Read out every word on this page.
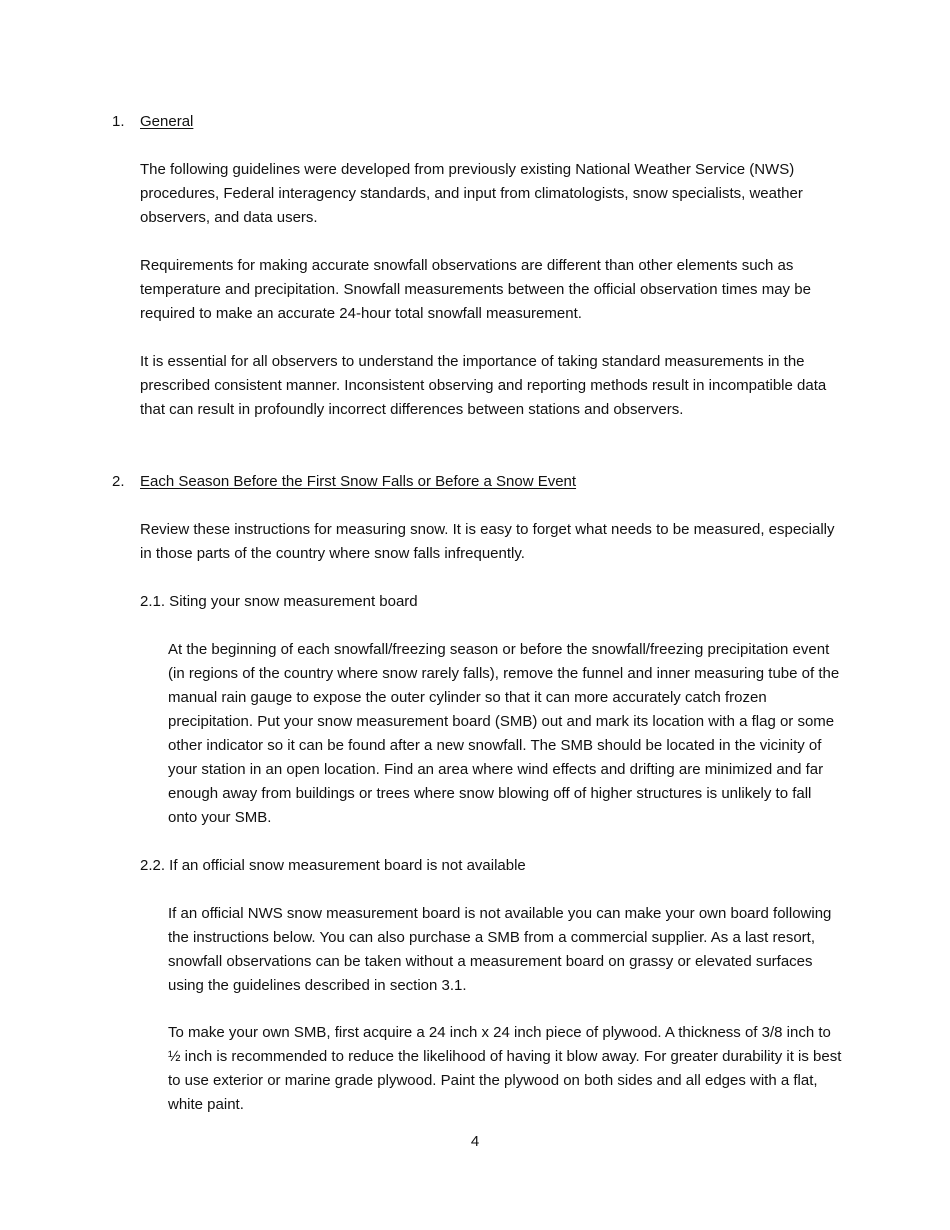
1. General

The following guidelines were developed from previously existing National Weather Service (NWS) procedures, Federal interagency standards, and input from climatologists, snow specialists, weather observers, and data users.

Requirements for making accurate snowfall observations are different than other elements such as temperature and precipitation. Snowfall measurements between the official observation times may be required to make an accurate 24-hour total snowfall measurement.

It is essential for all observers to understand the importance of taking standard measurements in the prescribed consistent manner. Inconsistent observing and reporting methods result in incompatible data that can result in profoundly incorrect differences between stations and observers.

2. Each Season Before the First Snow Falls or Before a Snow Event

Review these instructions for measuring snow. It is easy to forget what needs to be measured, especially in those parts of the country where snow falls infrequently.

2.1. Siting your snow measurement board

At the beginning of each snowfall/freezing season or before the snowfall/freezing precipitation event (in regions of the country where snow rarely falls), remove the funnel and inner measuring tube of the manual rain gauge to expose the outer cylinder so that it can more accurately catch frozen precipitation. Put your snow measurement board (SMB) out and mark its location with a flag or some other indicator so it can be found after a new snowfall. The SMB should be located in the vicinity of your station in an open location. Find an area where wind effects and drifting are minimized and far enough away from buildings or trees where snow blowing off of higher structures is unlikely to fall onto your SMB.

2.2. If an official snow measurement board is not available

If an official NWS snow measurement board is not available you can make your own board following the instructions below. You can also purchase a SMB from a commercial supplier. As a last resort, snowfall observations can be taken without a measurement board on grassy or elevated surfaces using the guidelines described in section 3.1.

To make your own SMB, first acquire a 24 inch x 24 inch piece of plywood. A thickness of 3/8 inch to ½ inch is recommended to reduce the likelihood of having it blow away. For greater durability it is best to use exterior or marine grade plywood. Paint the plywood on both sides and all edges with a flat, white paint.

4
